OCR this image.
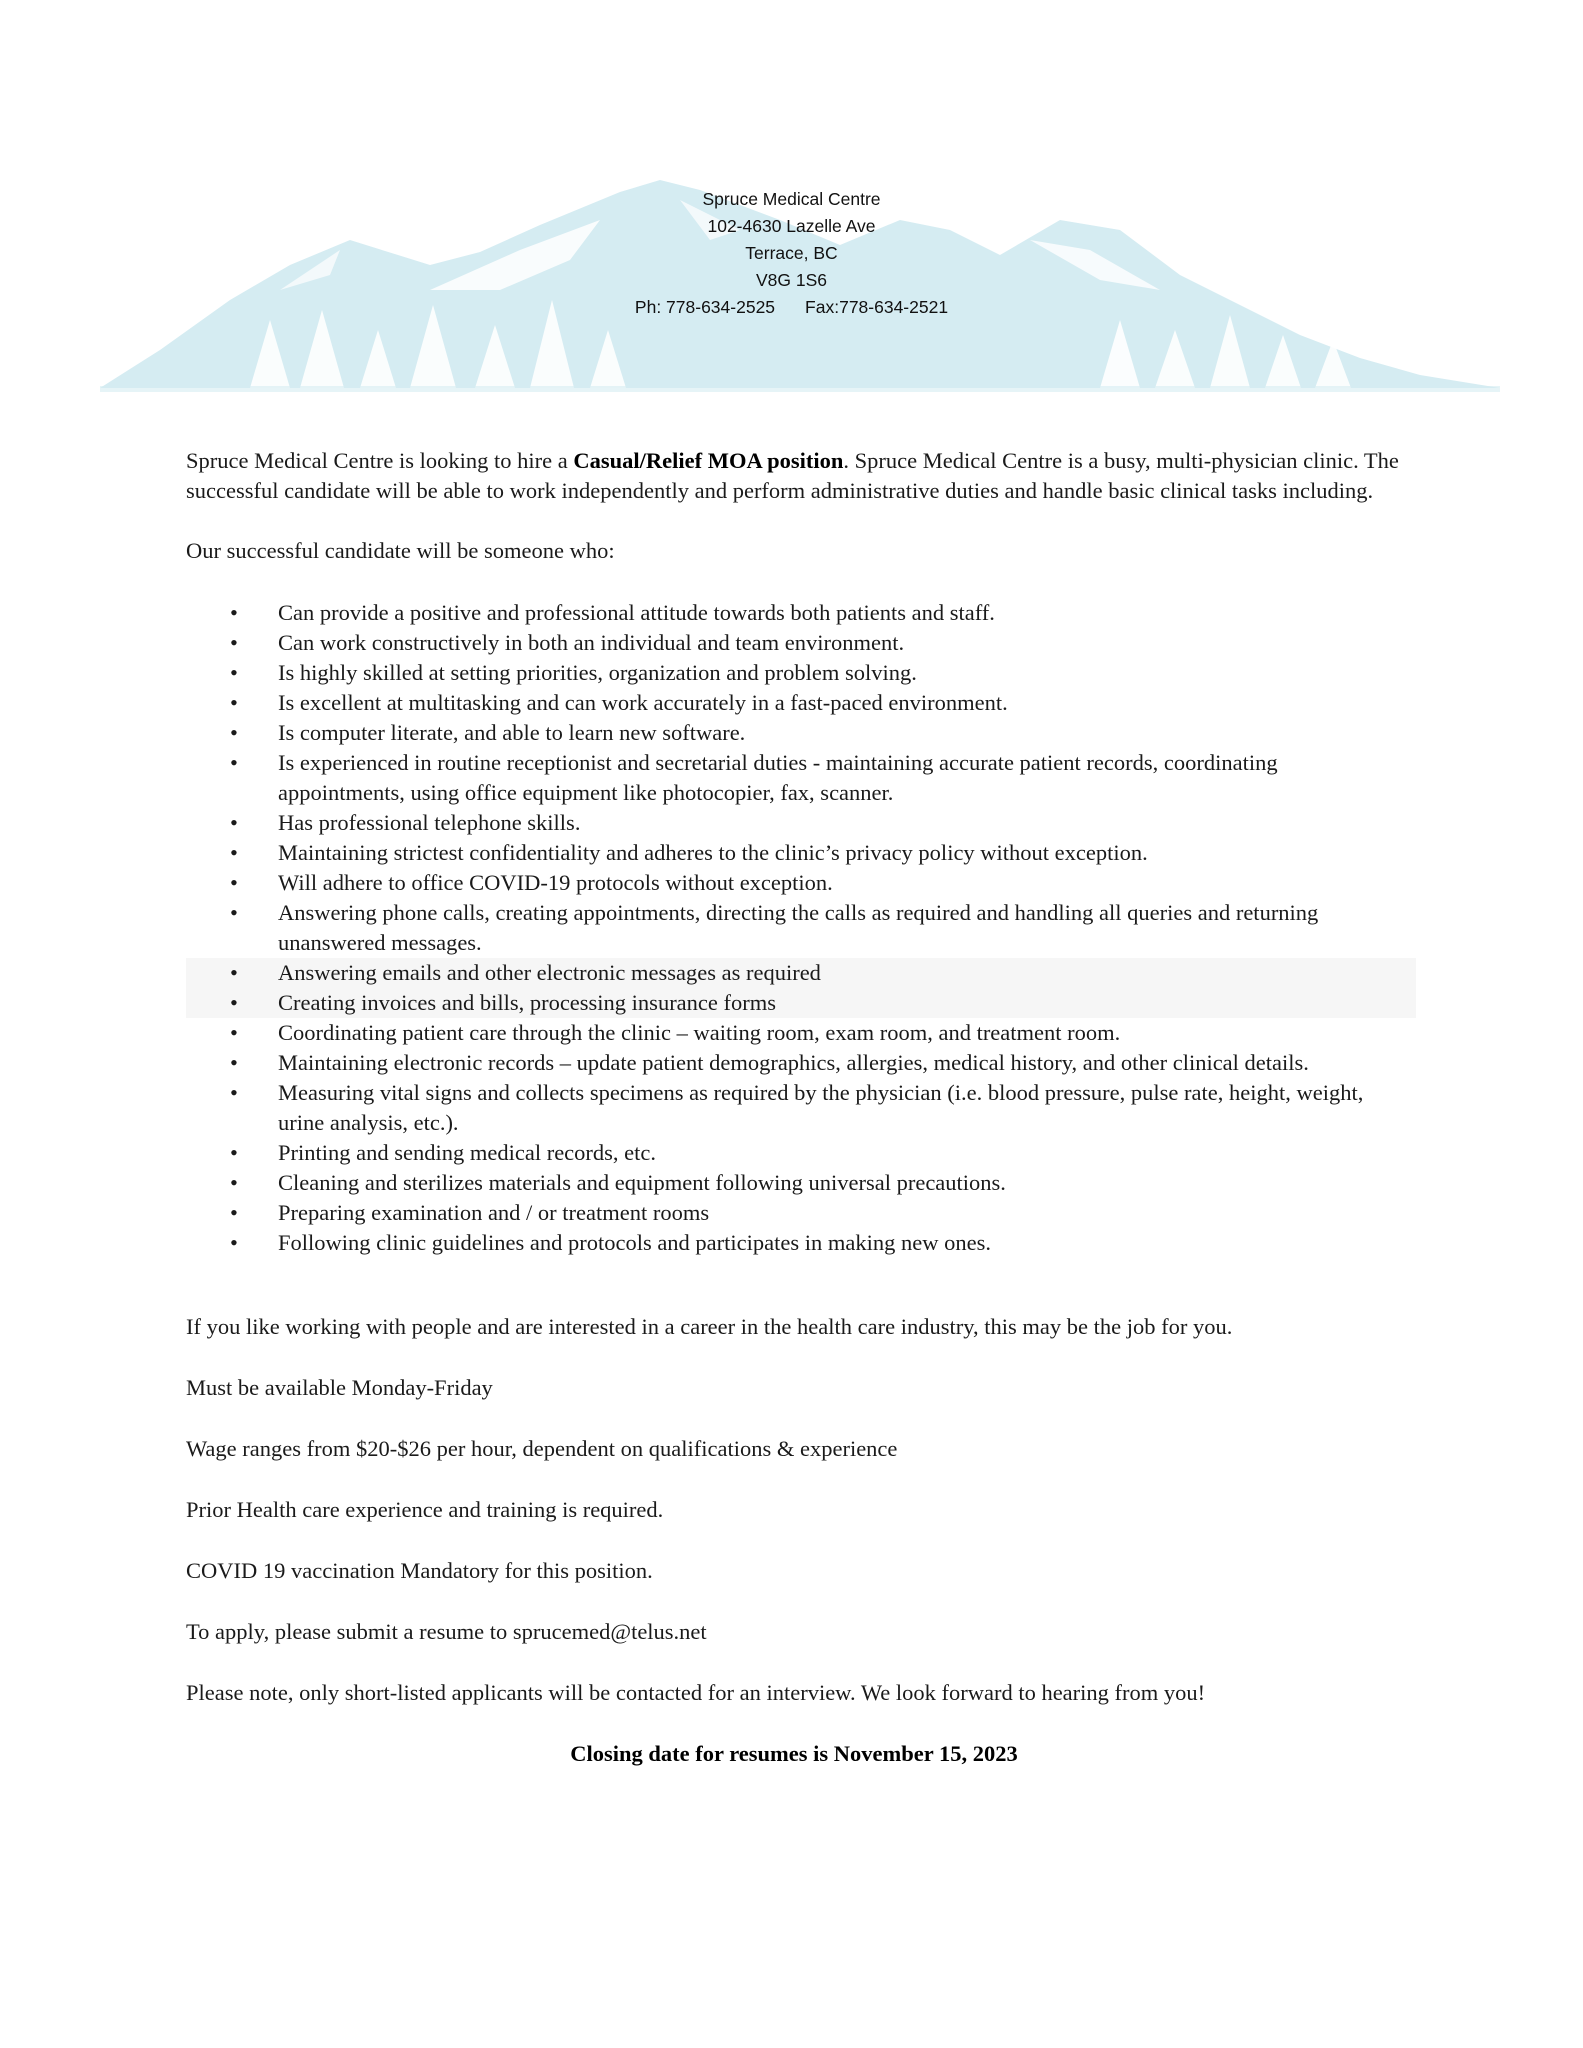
Spruce Medical Centre
102-4630 Lazelle Ave
Terrace, BC
V8G 1S6
Ph: 778-634-2525 Fax:778-634-2521

Spruce Medical Centre is looking to hire a Casual/Relief MOA position. Spruce Medical Centre is a busy, multi-physician clinic. The successful candidate will be able to work independently and perform administrative duties and handle basic clinical tasks including.

Our successful candidate will be someone who:

• Can provide a positive and professional attitude towards both patients and staff.
• Can work constructively in both an individual and team environment.
• Is highly skilled at setting priorities, organization and problem solving.
• Is excellent at multitasking and can work accurately in a fast-paced environment.
• Is computer literate, and able to learn new software.
• Is experienced in routine receptionist and secretarial duties - maintaining accurate patient records, coordinating appointments, using office equipment like photocopier, fax, scanner.
• Has professional telephone skills.
• Maintaining strictest confidentiality and adheres to the clinic’s privacy policy without exception.
• Will adhere to office COVID-19 protocols without exception.
• Answering phone calls, creating appointments, directing the calls as required and handling all queries and returning unanswered messages.
• Answering emails and other electronic messages as required
• Creating invoices and bills, processing insurance forms
• Coordinating patient care through the clinic – waiting room, exam room, and treatment room.
• Maintaining electronic records – update patient demographics, allergies, medical history, and other clinical details.
• Measuring vital signs and collects specimens as required by the physician (i.e. blood pressure, pulse rate, height, weight, urine analysis, etc.).
• Printing and sending medical records, etc.
• Cleaning and sterilizes materials and equipment following universal precautions.
• Preparing examination and / or treatment rooms
• Following clinic guidelines and protocols and participates in making new ones.

If you like working with people and are interested in a career in the health care industry, this may be the job for you.

Must be available Monday-Friday

Wage ranges from $20-$26 per hour, dependent on qualifications & experience

Prior Health care experience and training is required.

COVID 19 vaccination Mandatory for this position.

To apply, please submit a resume to sprucemed@telus.net

Please note, only short-listed applicants will be contacted for an interview. We look forward to hearing from you!

Closing date for resumes is November 15, 2023
